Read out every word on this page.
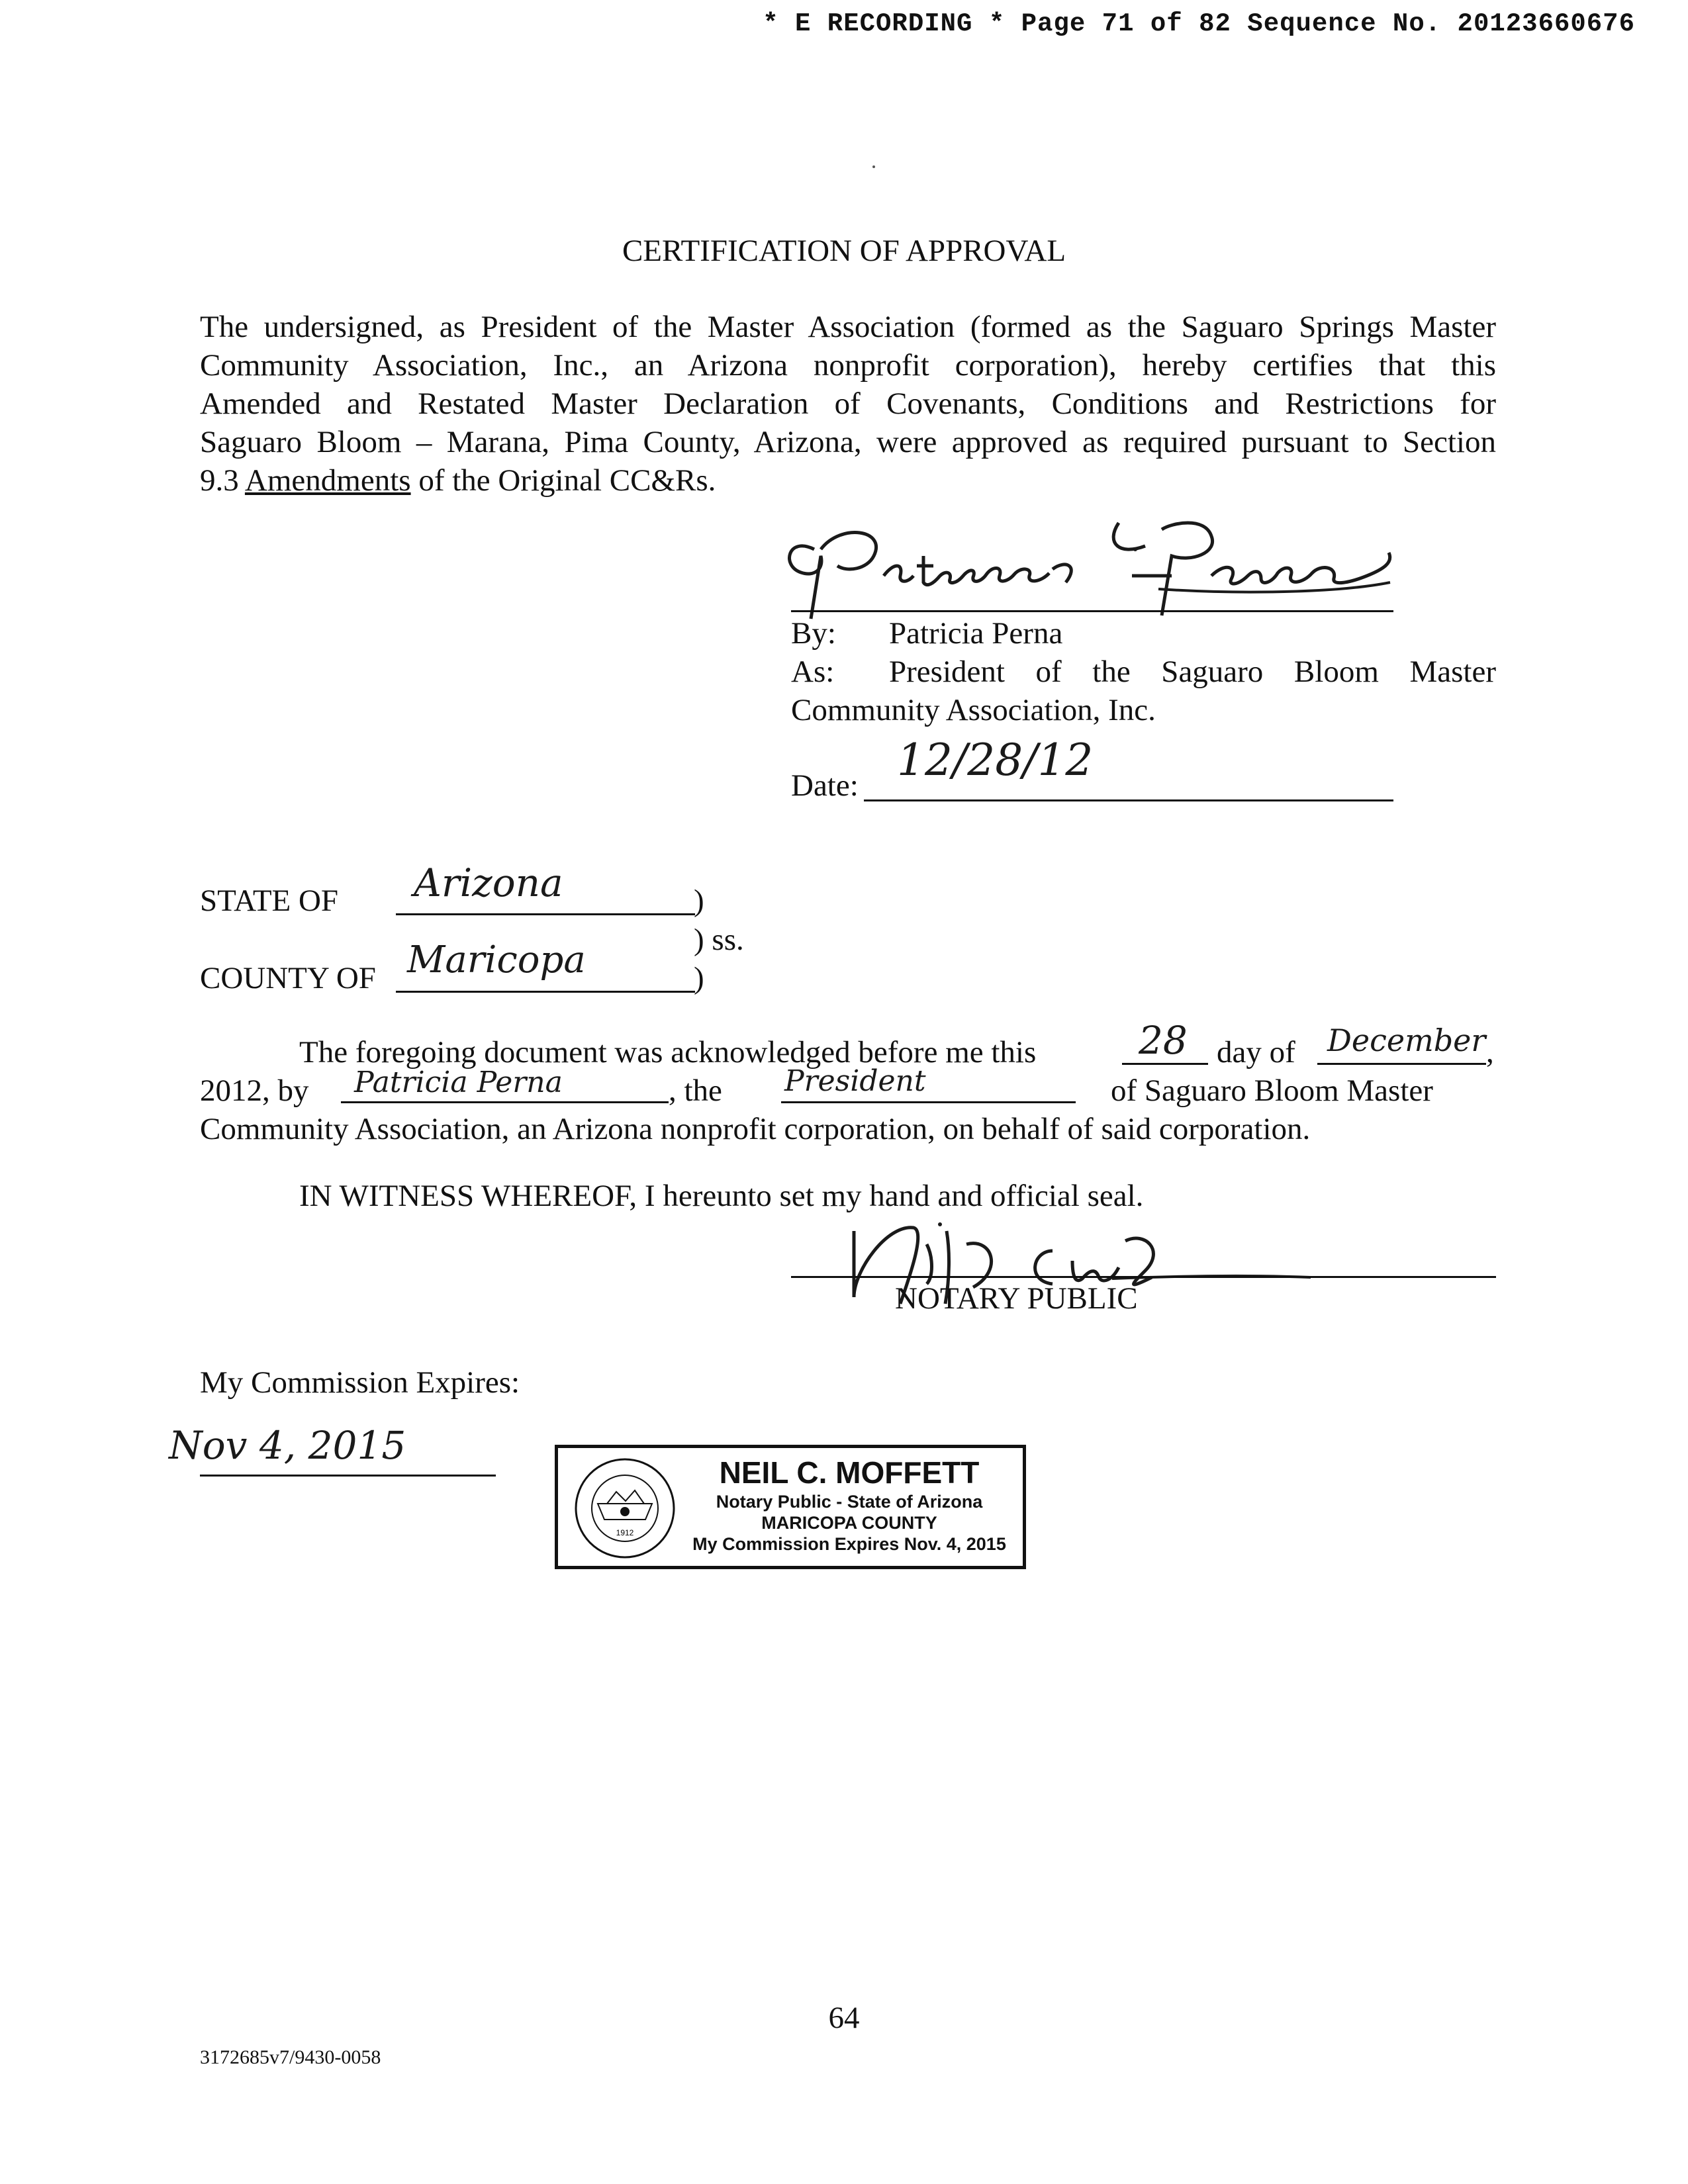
* E RECORDING * Page 71 of 82 Sequence No. 20123660676
CERTIFICATION OF APPROVAL
The undersigned, as President of the Master Association (formed as the Saguaro Springs Master
Community Association, Inc., an Arizona nonprofit corporation), hereby certifies that this
Amended and Restated Master Declaration of Covenants, Conditions and Restrictions for
Saguaro Bloom – Marana, Pima County, Arizona, were approved as required pursuant to Section
9.3 Amendments of the Original CC&Rs.
By: Patricia Perna
As: President of the Saguaro Bloom Master
Community Association, Inc.
Date: 12/28/12
STATE OF Arizona	)
) ss.
COUNTY OF Maricopa	)
The foregoing document was acknowledged before me this	28 day of December ,
2012, by Patricia Perna	, the President	of Saguaro Bloom Master
Community Association, an Arizona nonprofit corporation, on behalf of said corporation.
IN WITNESS WHEREOF, I hereunto set my hand and official seal.
NOTARY PUBLIC
My Commission Expires:
Nov 4, 2015
1912
NEIL C. MOFFETT
Notary Public - State of Arizona
MARICOPA COUNTY
My Commission Expires Nov. 4, 2015
64
3172685v7/9430-0058
